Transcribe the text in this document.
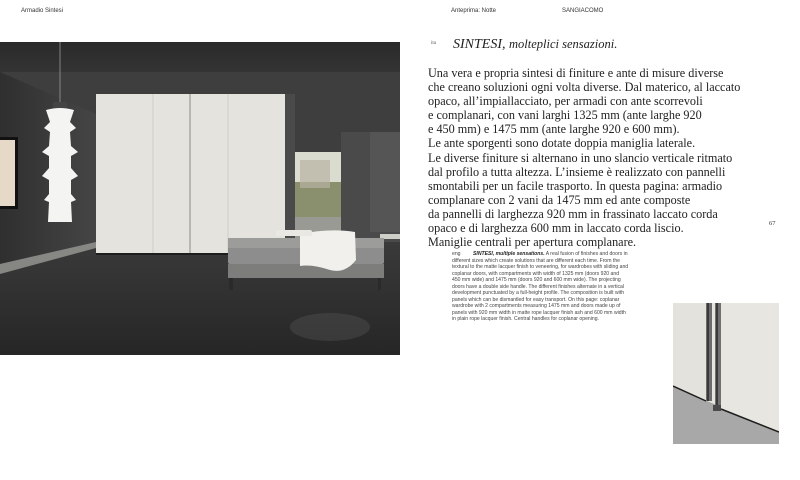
Armadio Sintesi	Anteprima: Notte	SANGIACOMO
ita SINTESI, molteplici sensazioni.
Una vera e propria sintesi di finiture e ante di misure diverse
che creano soluzioni ogni volta diverse. Dal materico, al laccato
opaco, all’impiallacciato, per armadi con ante scorrevoli
e complanari, con vani larghi 1325 mm (ante larghe 920
e 450 mm) e 1475 mm (ante larghe 920 e 600 mm).
Le ante sporgenti sono dotate doppia maniglia laterale.
Le diverse finiture si alternano in uno slancio verticale ritmato
dal profilo a tutta altezza. L’insieme è realizzato con pannelli
smontabili per un facile trasporto. In questa pagina: armadio
complanare con 2 vani da 1475 mm ed ante composte
da pannelli di larghezza 920 mm in frassinato laccato corda
opaco e di larghezza 600 mm in laccato corda liscio.
Maniglie centrali per apertura complanare.
67
eng SINTESI, multiple sensations. A real fusion of finishes and doors in
different sizes which create solutions that are different each time. From the
textural to the matte lacquer finish to veneering, for wardrobes with sliding and
coplanar doors, with compartments with width of 1325 mm (doors 920 and
450 mm wide) and 1475 mm (doors 920 and 600 mm wide). The projecting
doors have a double side handle. The different finishes alternate in a vertical
development punctuated by a full-height profile. The composition is built with
panels which can be dismantled for easy transport. On this page: coplanar
wardrobe with 2 compartments measuring 1475 mm and doors made up of
panels with 920 mm width in matte rope lacquer finish ash and 600 mm width
in plain rope lacquer finish. Central handles for coplanar opening.
